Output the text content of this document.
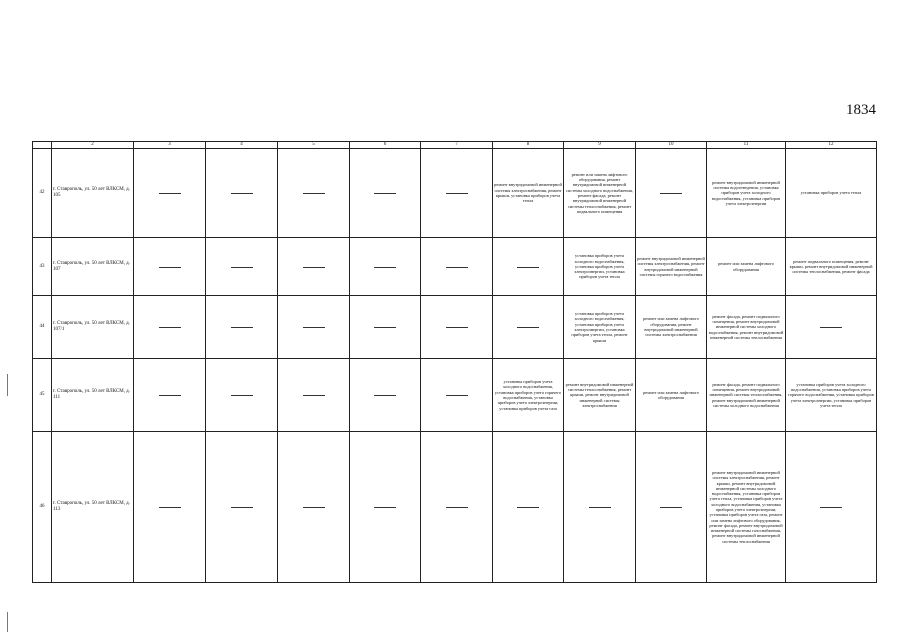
1834
	2	3	4	5	6	7	8	9	10	11	12
42	г. Ставрополь, ул. 50 лет ВЛКСМ, д. 105						ремонт внутридомовой инженерной системы электроснабжения, ремонт крыши, установка приборов учета тепла	ремонт или замена лифтового оборудования, ремонт внутридомовой инженерной системы холодного водоснабжения, ремонт фасада, ремонт внутридомовой инженерной системы теплоснабжения, ремонт подвального помещения		ремонт внутридомовой инженерной системы водоотведения, установка приборов учета холодного водоснабжения, установка приборов учета электроэнергии	установка приборов учета тепла
43	г. Ставрополь, ул. 50 лет ВЛКСМ, д. 107							установка приборов учета холодного водоснабжения, установка приборов учета электроэнергии, установка приборов учета тепла	ремонт внутридомовой инженерной системы электроснабжения, ремонт внутридомовой инженерной системы горячего водоснабжения	ремонт или замена лифтового оборудования	ремонт подвального помещения, ремонт крыши, ремонт внутридомовой инженерной системы теплоснабжения, ремонт фасада
44	г. Ставрополь, ул. 50 лет ВЛКСМ, д. 107/1							установка приборов учета холодного водоснабжения, установка приборов учета электроэнергии, установка приборов учета тепла, ремонт крыши	ремонт или замена лифтового оборудования, ремонт внутридомовой инженерной системы электроснабжения	ремонт фасада, ремонт подвального помещения, ремонт внутридомовой инженерной системы холодного водоснабжения, ремонт внутридомовой инженерной системы теплоснабжения	
45	г. Ставрополь, ул. 50 лет ВЛКСМ, д. 111						установка приборов учета холодного водоснабжения, установка приборов учета горячего водоснабжения, установка приборов учета электроэнергии, установка приборов учета газа	ремонт внутридомовой инженерной системы теплоснабжения, ремонт крыши, ремонт внутридомовой инженерной системы электроснабжения	ремонт или замена лифтового оборудования	ремонт фасада, ремонт подвального помещения, ремонт внутридомовой инженерной системы теплоснабжения, ремонт внутридомовой инженерной системы холодного водоснабжения	установка приборов учета холодного водоснабжения, установка приборов учета горячего водоснабжения, установка приборов учета электроэнергии, установка приборов учета тепла
46	г. Ставрополь, ул. 50 лет ВЛКСМ, д. 113									ремонт внутридомовой инженерной системы электроснабжения, ремонт крыши, ремонт внутридомовой инженерной системы холодного водоснабжения, установка приборов учета тепла, установка приборов учета холодного водоснабжения, установка приборов учета электроэнергии, установка приборов учета газа, ремонт или замена лифтового оборудования, ремонт фасада, ремонт внутридомовой инженерной системы газоснабжения, ремонт внутридомовой инженерной системы теплоснабжения	
